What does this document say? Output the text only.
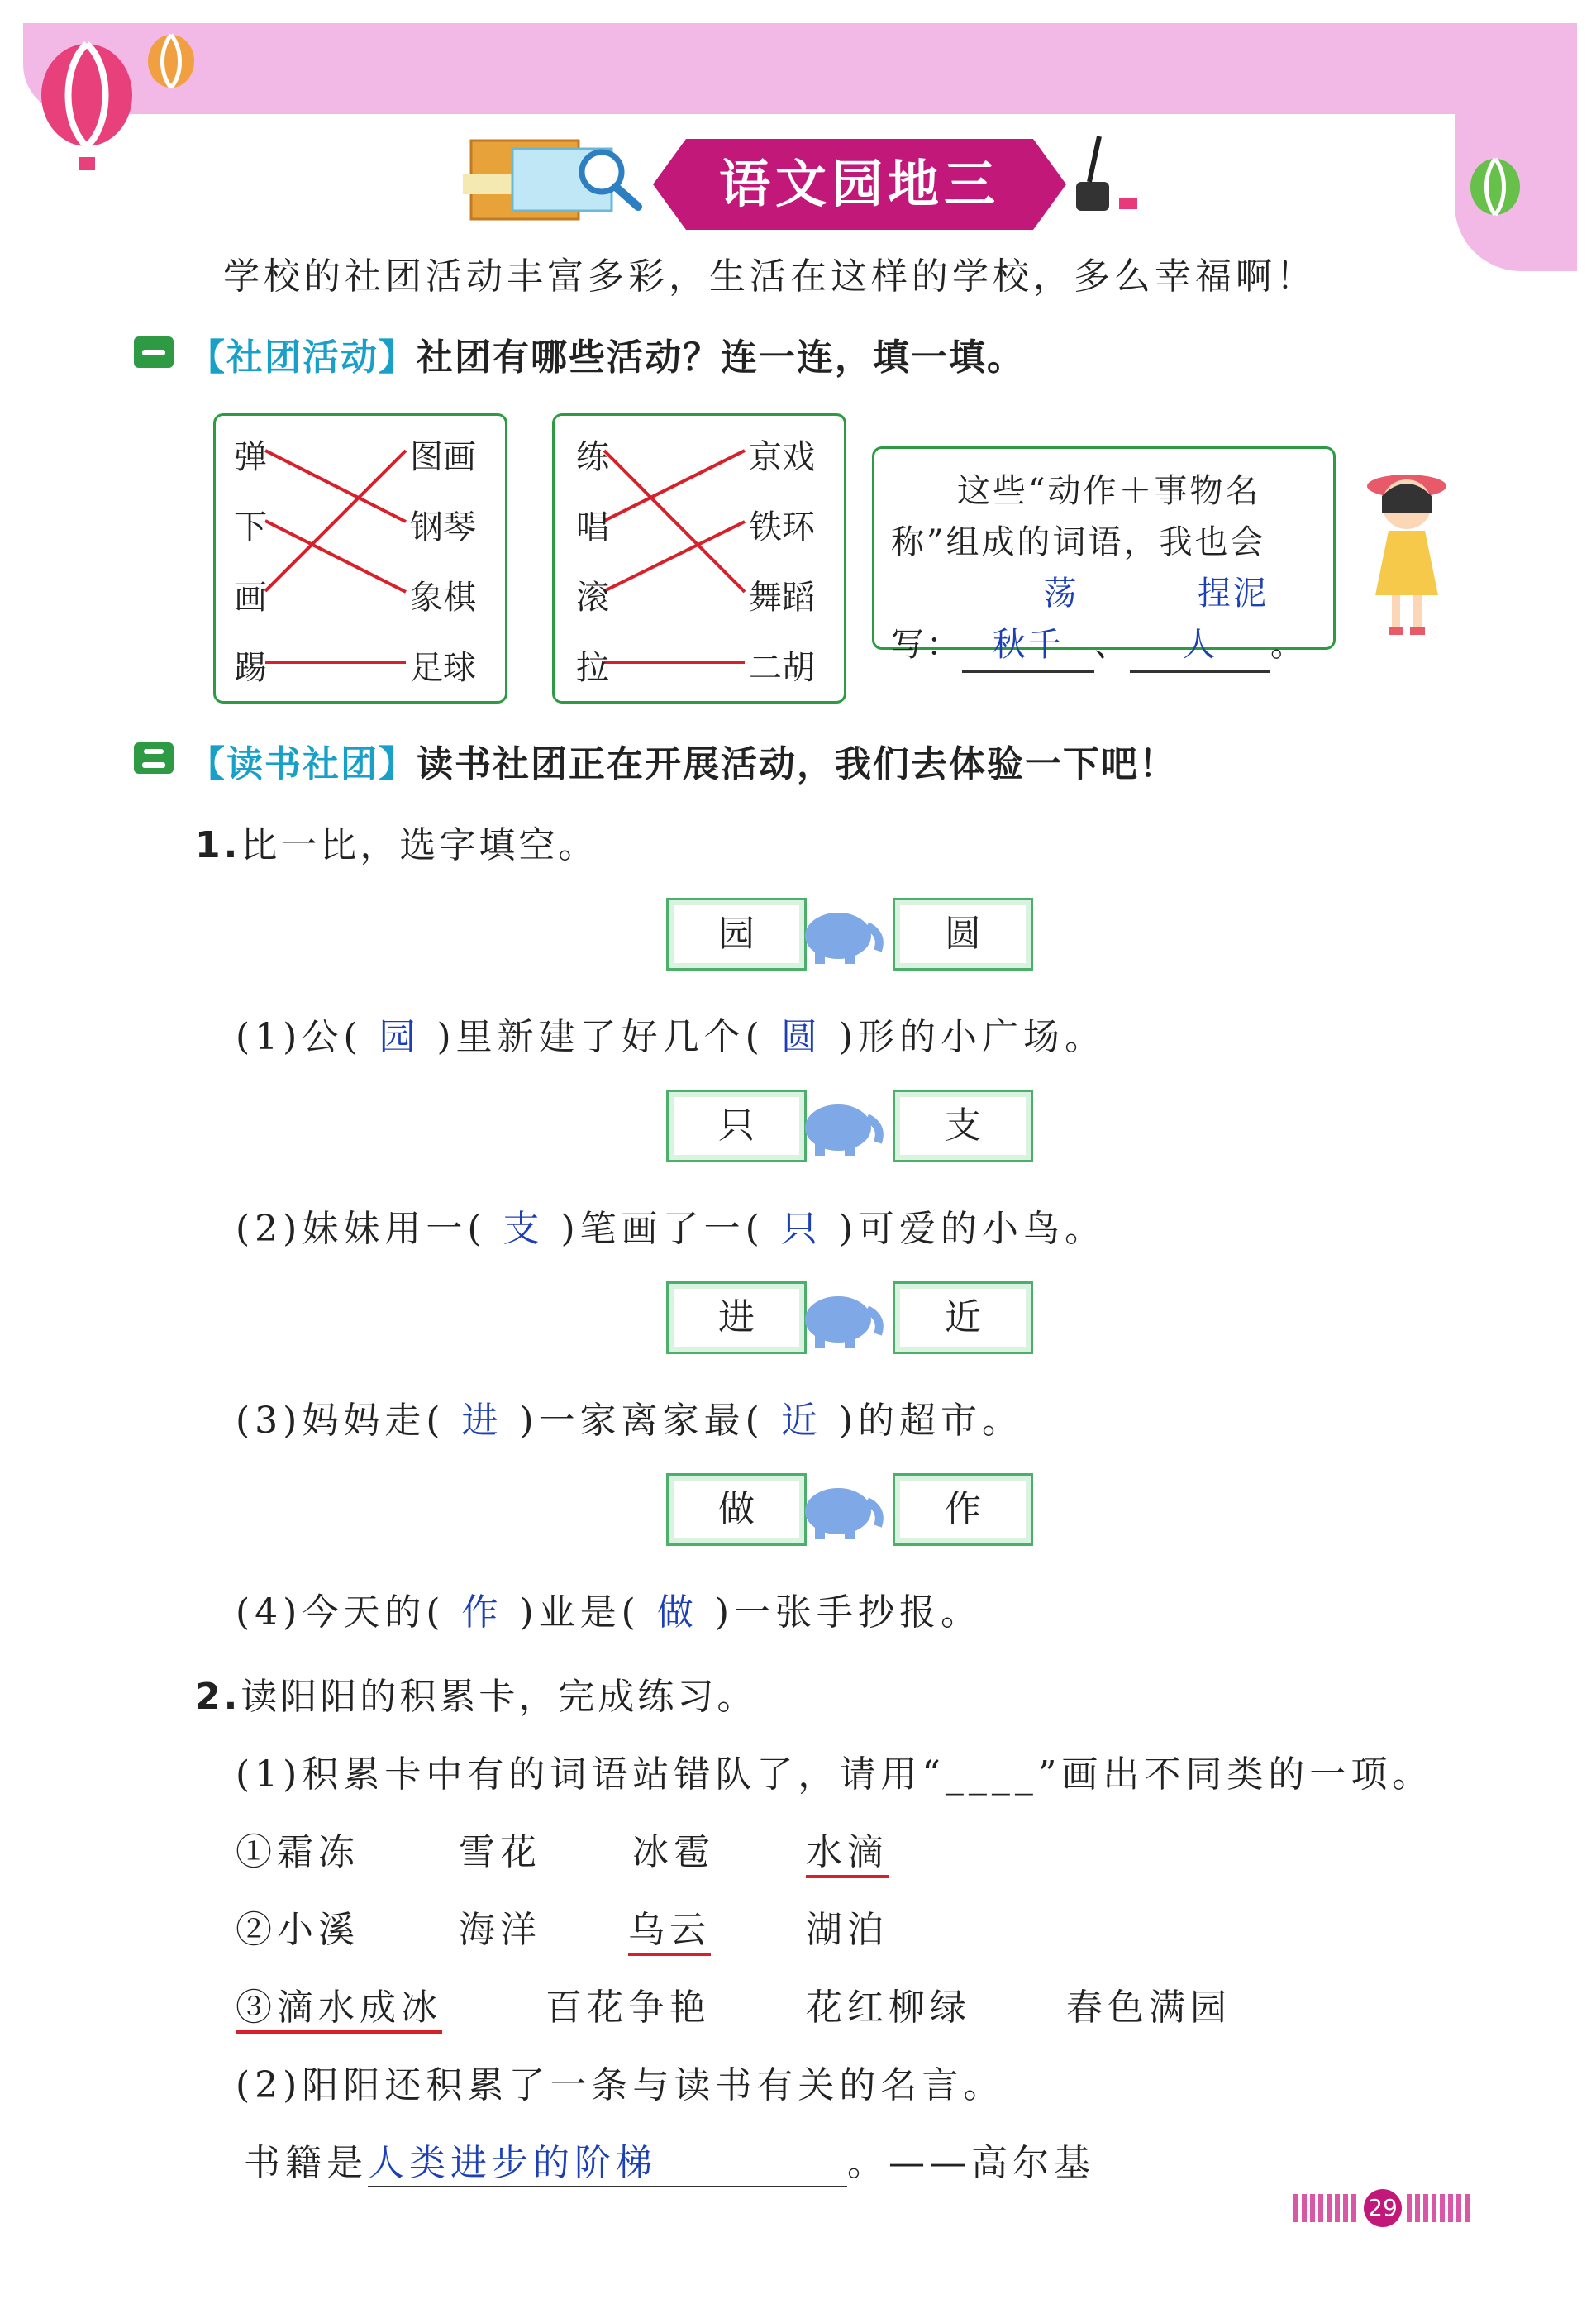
语文园地三
学校的社团活动丰富多彩，生活在这样的学校，多么幸福啊！
【社团活动】社团有哪些活动？连一连，填一填。
弹
下
画
踢
图画
钢琴
象棋
足球
练
唱
滚
拉
京戏
铁环
舞蹈
二胡
这些“动作＋事物名称”组成的词语，我也会写：荡秋千 、捏泥人 。
【读书社团】读书社团正在开展活动，我们去体验一下吧！
1.比一比，选字填空。
园	圆
(1)公( 园 )里新建了好几个( 圆 )形的小广场。
只	支
(2)妹妹用一( 支 )笔画了一( 只 )可爱的小鸟。
进	近
(3)妈妈走( 进 )一家离家最( 近 )的超市。
做	作
(4)今天的( 作 )业是( 做 )一张手抄报。
2.读阳阳的积累卡，完成练习。
(1)积累卡中有的词语站错队了，请用“____”画出不同类的一项。
①霜冻	雪花	冰雹	水滴
②小溪	海洋 乌云	湖泊
③滴水成冰	百花争艳	花红柳绿	春色满园
(2)阳阳还积累了一条与读书有关的名言。
书籍是人类进步的阶梯	。——高尔基
29
